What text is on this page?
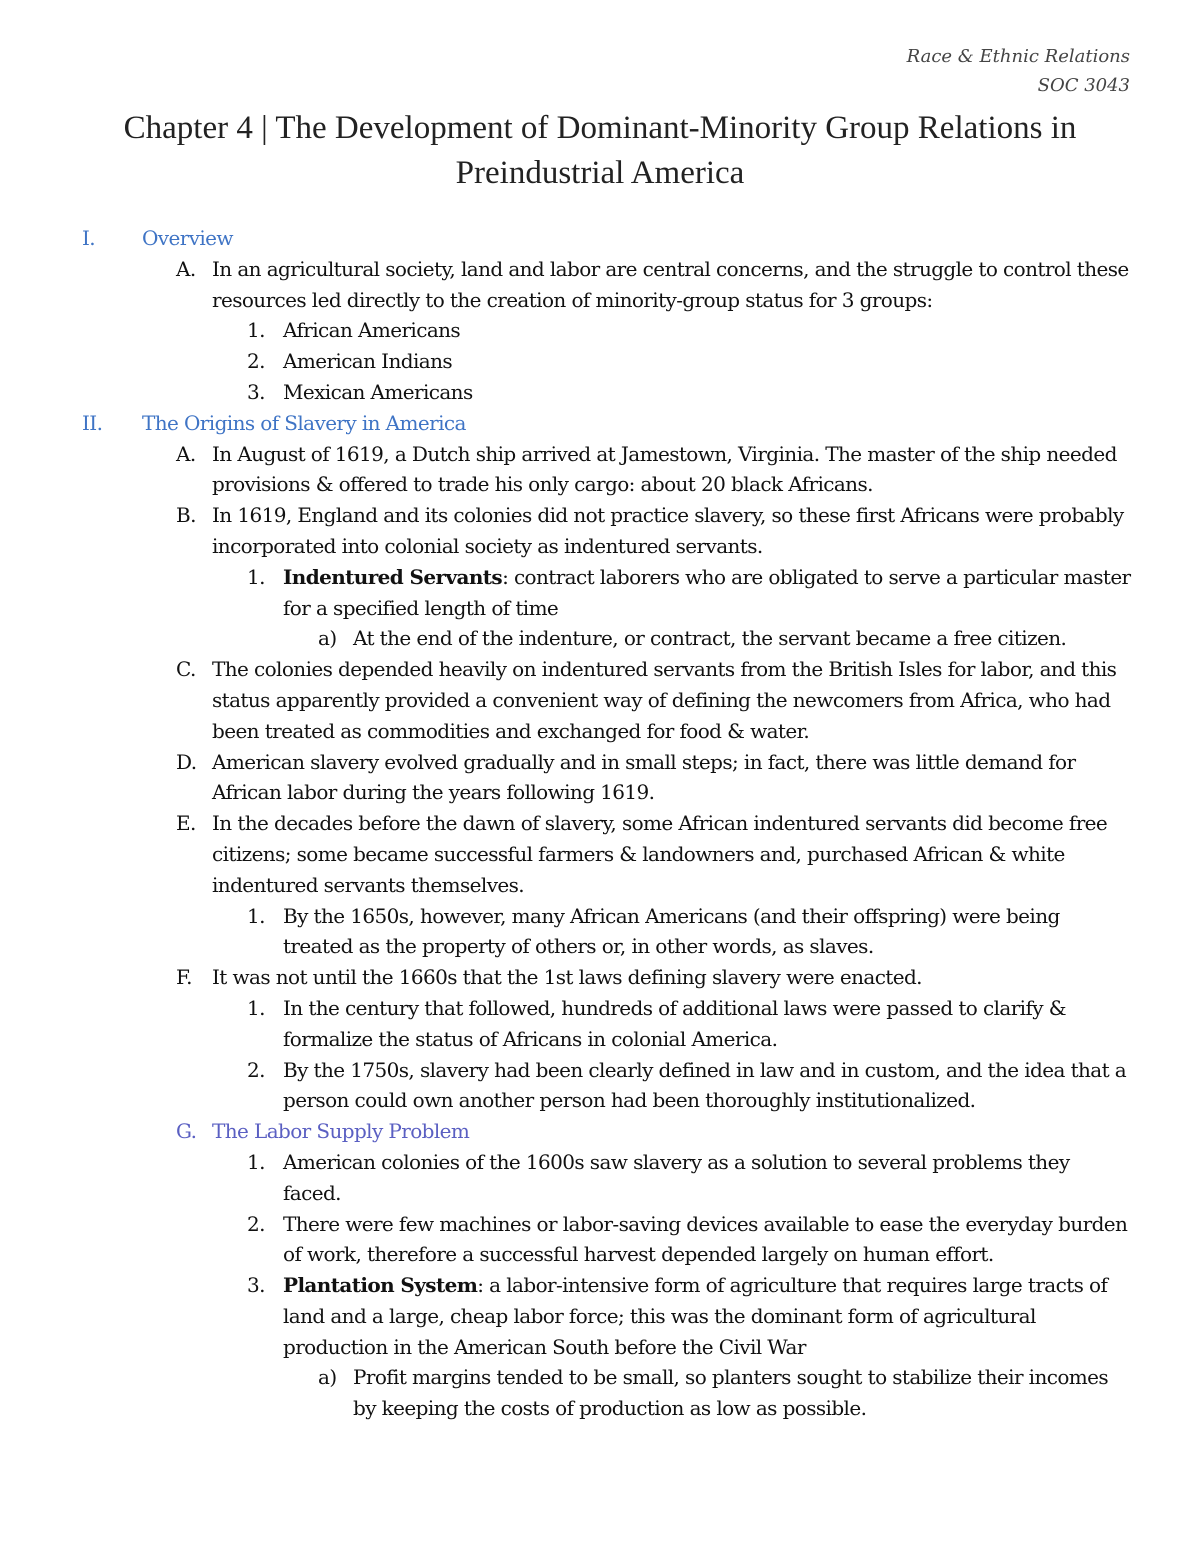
Race & Ethnic Relations
SOC 3043
Chapter 4 | The Development of Dominant-Minority Group Relations in Preindustrial America
I. Overview
A. In an agricultural society, land and labor are central concerns, and the struggle to control these resources led directly to the creation of minority-group status for 3 groups:
1. African Americans
2. American Indians
3. Mexican Americans
II. The Origins of Slavery in America
A. In August of 1619, a Dutch ship arrived at Jamestown, Virginia. The master of the ship needed provisions & offered to trade his only cargo: about 20 black Africans.
B. In 1619, England and its colonies did not practice slavery, so these first Africans were probably incorporated into colonial society as indentured servants.
1. Indentured Servants: contract laborers who are obligated to serve a particular master for a specified length of time
a) At the end of the indenture, or contract, the servant became a free citizen.
C. The colonies depended heavily on indentured servants from the British Isles for labor, and this status apparently provided a convenient way of defining the newcomers from Africa, who had been treated as commodities and exchanged for food & water.
D. American slavery evolved gradually and in small steps; in fact, there was little demand for African labor during the years following 1619.
E. In the decades before the dawn of slavery, some African indentured servants did become free citizens; some became successful farmers & landowners and, purchased African & white indentured servants themselves.
1. By the 1650s, however, many African Americans (and their offspring) were being treated as the property of others or, in other words, as slaves.
F. It was not until the 1660s that the 1st laws defining slavery were enacted.
1. In the century that followed, hundreds of additional laws were passed to clarify & formalize the status of Africans in colonial America.
2. By the 1750s, slavery had been clearly defined in law and in custom, and the idea that a person could own another person had been thoroughly institutionalized.
G. The Labor Supply Problem
1. American colonies of the 1600s saw slavery as a solution to several problems they faced.
2. There were few machines or labor-saving devices available to ease the everyday burden of work, therefore a successful harvest depended largely on human effort.
3. Plantation System: a labor-intensive form of agriculture that requires large tracts of land and a large, cheap labor force; this was the dominant form of agricultural production in the American South before the Civil War
a) Profit margins tended to be small, so planters sought to stabilize their incomes by keeping the costs of production as low as possible.
